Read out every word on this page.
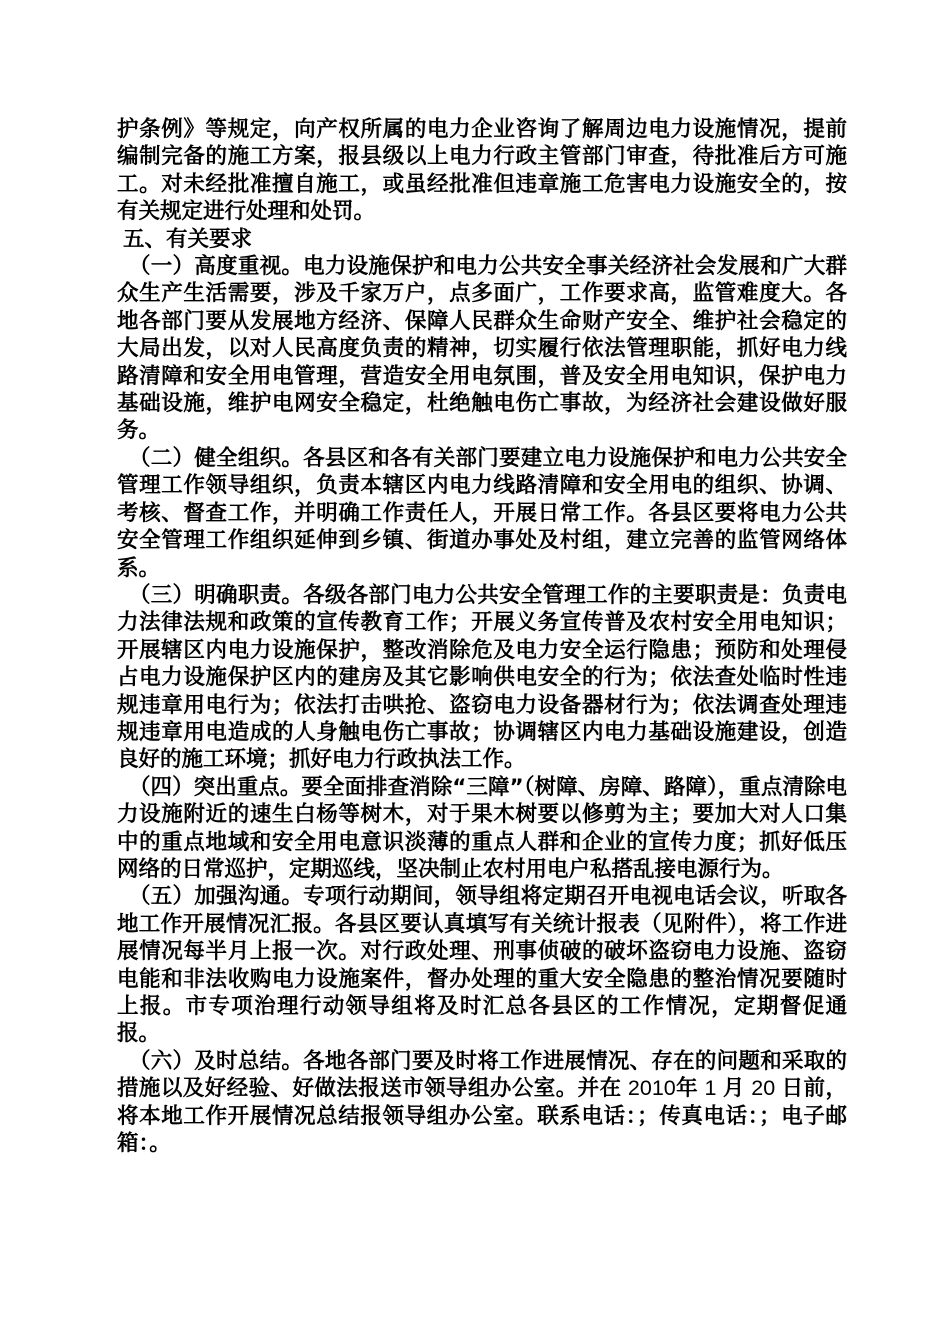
护条例》等规定，向产权所属的电力企业咨询了解周边电力设施情况，提前编制完备的施工方案，报县级以上电力行政主管部门审查，待批准后方可施工。对未经批准擅自施工，或虽经批准但违章施工危害电力设施安全的，按有关规定进行处理和处罚。

五、有关要求

（一）高度重视。电力设施保护和电力公共安全事关经济社会发展和广大群众生产生活需要，涉及千家万户，点多面广，工作要求高，监管难度大。各地各部门要从发展地方经济、保障人民群众生命财产安全、维护社会稳定的大局出发，以对人民高度负责的精神，切实履行依法管理职能，抓好电力线路清障和安全用电管理，营造安全用电氛围，普及安全用电知识，保护电力基础设施，维护电网安全稳定，杜绝触电伤亡事故，为经济社会建设做好服务。

（二）健全组织。各县区和各有关部门要建立电力设施保护和电力公共安全管理工作领导组织，负责本辖区内电力线路清障和安全用电的组织、协调、考核、督查工作，并明确工作责任人，开展日常工作。各县区要将电力公共安全管理工作组织延伸到乡镇、街道办事处及村组，建立完善的监管网络体系。

（三）明确职责。各级各部门电力公共安全管理工作的主要职责是：负责电力法律法规和政策的宣传教育工作；开展义务宣传普及农村安全用电知识；开展辖区内电力设施保护，整改消除危及电力安全运行隐患；预防和处理侵占电力设施保护区内的建房及其它影响供电安全的行为；依法查处临时性违规违章用电行为；依法打击哄抢、盗窃电力设备器材行为；依法调查处理违规违章用电造成的人身触电伤亡事故；协调辖区内电力基础设施建设，创造良好的施工环境；抓好电力行政执法工作。

（四）突出重点。要全面排查消除“三障”（树障、房障、路障），重点清除电力设施附近的速生白杨等树木，对于果木树要以修剪为主；要加大对人口集中的重点地域和安全用电意识淡薄的重点人群和企业的宣传力度；抓好低压网络的日常巡护，定期巡线，坚决制止农村用电户私搭乱接电源行为。

（五）加强沟通。专项行动期间，领导组将定期召开电视电话会议，听取各地工作开展情况汇报。各县区要认真填写有关统计报表（见附件），将工作进展情况每半月上报一次。对行政处理、刑事侦破的破坏盗窃电力设施、盗窃电能和非法收购电力设施案件，督办处理的重大安全隐患的整治情况要随时上报。市专项治理行动领导组将及时汇总各县区的工作情况，定期督促通报。

（六）及时总结。各地各部门要及时将工作进展情况、存在的问题和采取的措施以及好经验、好做法报送市领导组办公室。并在 2010年 1 月 20 日前，将本地工作开展情况总结报领导组办公室。联系电话：；传真电话：；电子邮箱：。
